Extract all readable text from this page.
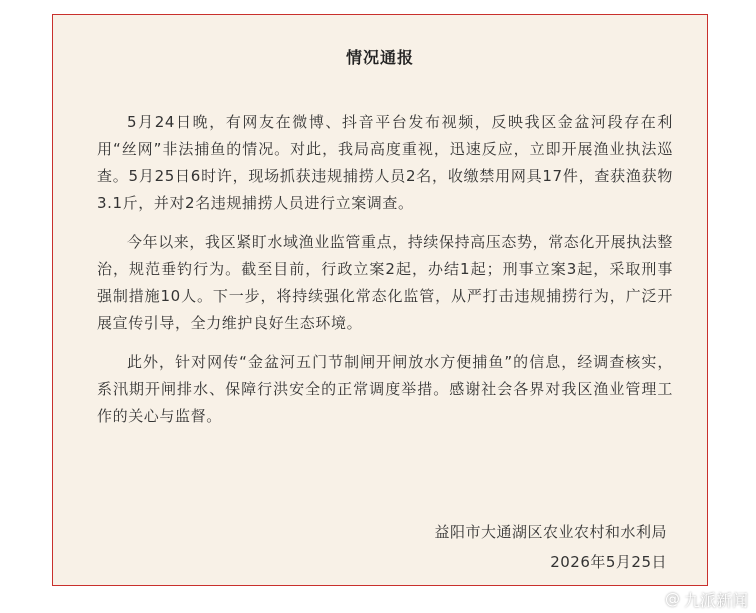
情况通报

5月24日晚，有网友在微博、抖音平台发布视频，反映我区金盆河段存在利用“丝网”非法捕鱼的情况。对此，我局高度重视，迅速反应，立即开展渔业执法巡查。5月25日6时许，现场抓获违规捕捞人员2名，收缴禁用网具17件，查获渔获物3.1斤，并对2名违规捕捞人员进行立案调查。

今年以来，我区紧盯水域渔业监管重点，持续保持高压态势，常态化开展执法整治，规范垂钓行为。截至目前，行政立案2起，办结1起；刑事立案3起，采取刑事强制措施10人。下一步，将持续强化常态化监管，从严打击违规捕捞行为，广泛开展宣传引导，全力维护良好生态环境。

此外，针对网传“金盆河五门节制闸开闸放水方便捕鱼”的信息，经调查核实，系汛期开闸排水、保障行洪安全的正常调度举措。感谢社会各界对我区渔业管理工作的关心与监督。

益阳市大通湖区农业农村和水利局
2026年5月25日
@ 九派新闻
